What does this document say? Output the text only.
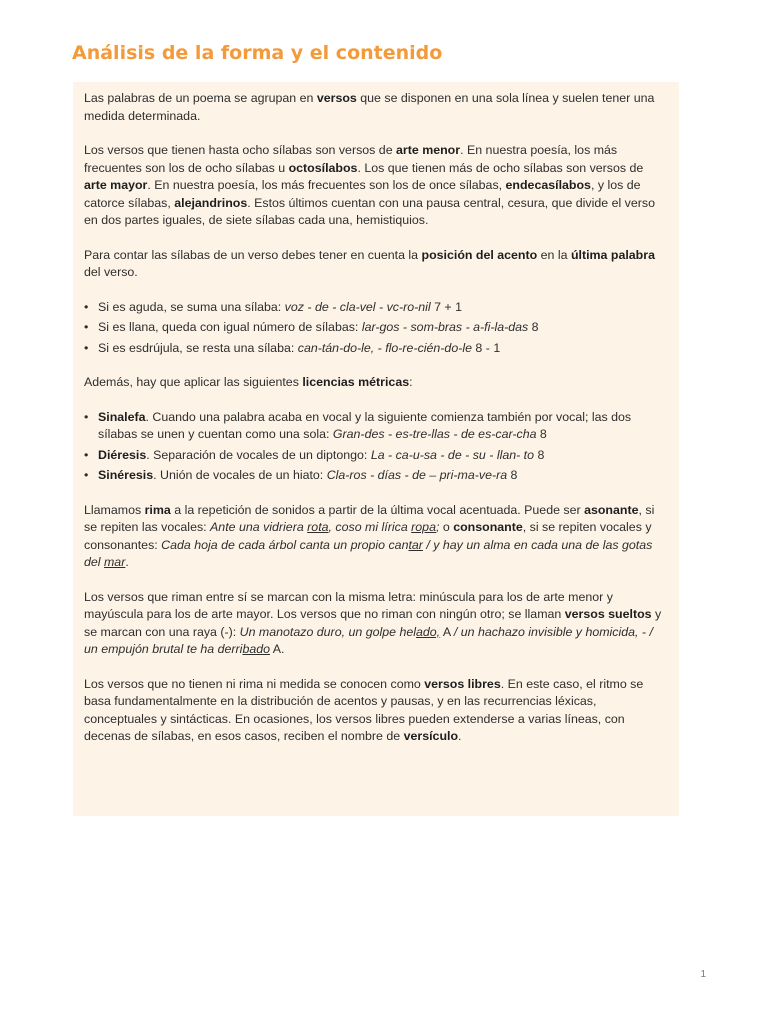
Análisis de la forma y el contenido

Las palabras de un poema se agrupan en versos que se disponen en una sola línea y suelen tener una medida determinada.

Los versos que tienen hasta ocho sílabas son versos de arte menor. En nuestra poesía, los más frecuentes son los de ocho sílabas u octosílabos. Los que tienen más de ocho sílabas son versos de arte mayor. En nuestra poesía, los más frecuentes son los de once sílabas, endecasílabos, y los de catorce sílabas, alejandrinos. Estos últimos cuentan con una pausa central, cesura, que divide el verso en dos partes iguales, de siete sílabas cada una, hemistiquios.

Para contar las sílabas de un verso debes tener en cuenta la posición del acento en la última palabra del verso.

• Si es aguda, se suma una sílaba: voz - de - cla-vel - vc-ro-nil 7 + 1
• Si es llana, queda con igual número de sílabas: lar-gos - som-bras - a-fi-la-das 8
• Si es esdrújula, se resta una sílaba: can-tán-do-le, - flo-re-cién-do-le 8 - 1

Además, hay que aplicar las siguientes licencias métricas:

• Sinalefa. Cuando una palabra acaba en vocal y la siguiente comienza también por vocal; las dos sílabas se unen y cuentan como una sola: Gran-des - es-tre-llas - de es-car-cha 8
• Diéresis. Separación de vocales de un diptongo: La - ca-u-sa - de - su - llan- to 8
• Sinéresis. Unión de vocales de un hiato: Cla-ros - días - de – pri-ma-ve-ra 8

Llamamos rima a la repetición de sonidos a partir de la última vocal acentuada. Puede ser asonante, si se repiten las vocales: Ante una vidriera rota, coso mi lírica ropa; o consonante, si se repiten vocales y consonantes: Cada hoja de cada árbol canta un propio cantar / y hay un alma en cada una de las gotas del mar.

Los versos que riman entre sí se marcan con la misma letra: minúscula para los de arte menor y mayúscula para los de arte mayor. Los versos que no riman con ningún otro; se llaman versos sueltos y se marcan con una raya (-): Un manotazo duro, un golpe helado, A / un hachazo invisible y homicida, - / un empujón brutal te ha derribado A.

Los versos que no tienen ni rima ni medida se conocen como versos libres. En este caso, el ritmo se basa fundamentalmente en la distribución de acentos y pausas, y en las recurrencias léxicas, conceptuales y sintácticas. En ocasiones, los versos libres pueden extenderse a varias líneas, con decenas de sílabas, en esos casos, reciben el nombre de versículo.

1
